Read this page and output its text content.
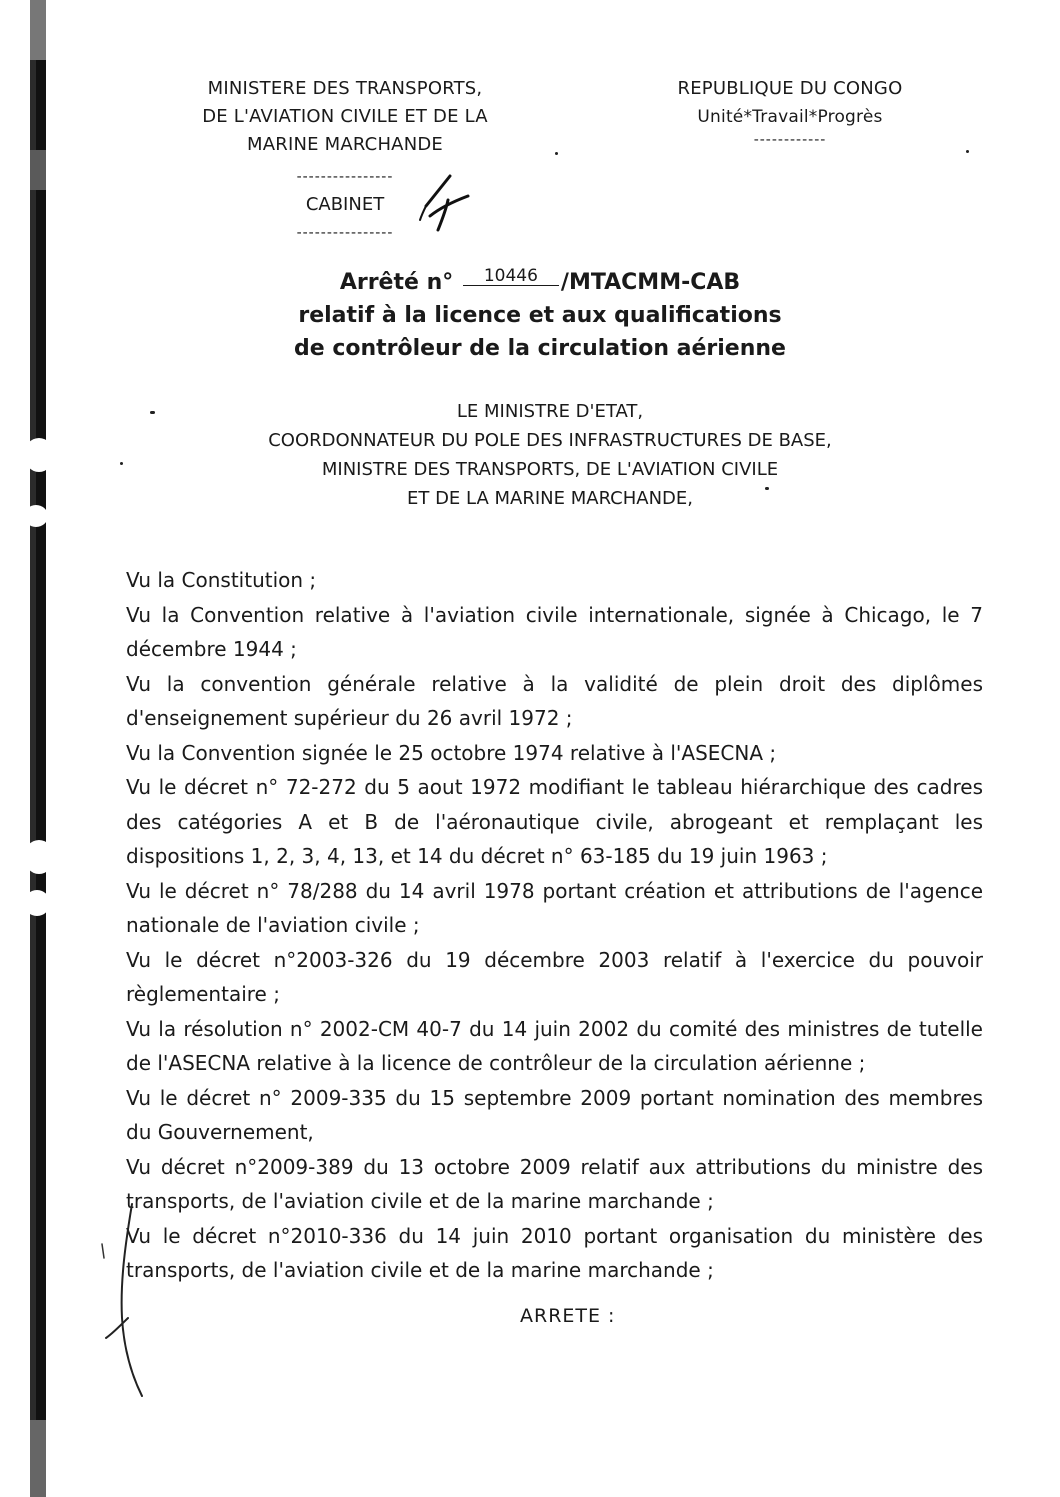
MINISTERE DES TRANSPORTS,
DE L'AVIATION CIVILE ET DE LA
MARINE MARCHANDE
----------------
CABINET
----------------
REPUBLIQUE DU CONGO
Unité*Travail*Progrès
------------
Arrêté n° 10446 /MTACMM-CAB
relatif à la licence et aux qualifications
de contrôleur de la circulation aérienne
LE MINISTRE D'ETAT,
COORDONNATEUR DU POLE DES INFRASTRUCTURES DE BASE,
MINISTRE DES TRANSPORTS, DE L'AVIATION CIVILE
ET DE LA MARINE MARCHANDE,

Vu la Constitution ;

Vu la Convention relative à l'aviation civile internationale, signée à Chicago, le 7 décembre 1944 ;

Vu la convention générale relative à la validité de plein droit des diplômes d'enseignement supérieur du 26 avril 1972 ;

Vu la Convention signée le 25 octobre 1974 relative à l'ASECNA ;

Vu le décret n° 72-272 du 5 aout 1972 modifiant le tableau hiérarchique des cadres des catégories A et B de l'aéronautique civile, abrogeant et remplaçant les dispositions 1, 2, 3, 4, 13, et 14 du décret n° 63-185 du 19 juin 1963 ;

Vu le décret n° 78/288 du 14 avril 1978 portant création et attributions de l'agence nationale de l'aviation civile ;

Vu le décret n°2003-326 du 19 décembre 2003 relatif à l'exercice du pouvoir règlementaire ;

Vu la résolution n° 2002-CM 40-7 du 14 juin 2002 du comité des ministres de tutelle de l'ASECNA relative à la licence de contrôleur de la circulation aérienne ;

Vu le décret n° 2009-335 du 15 septembre 2009 portant nomination des membres du Gouvernement,

Vu décret n°2009-389 du 13 octobre 2009 relatif aux attributions du ministre des transports, de l'aviation civile et de la marine marchande ;

Vu le décret n°2010-336 du 14 juin 2010 portant organisation du ministère des transports, de l'aviation civile et de la marine marchande ;

ARRETE :
